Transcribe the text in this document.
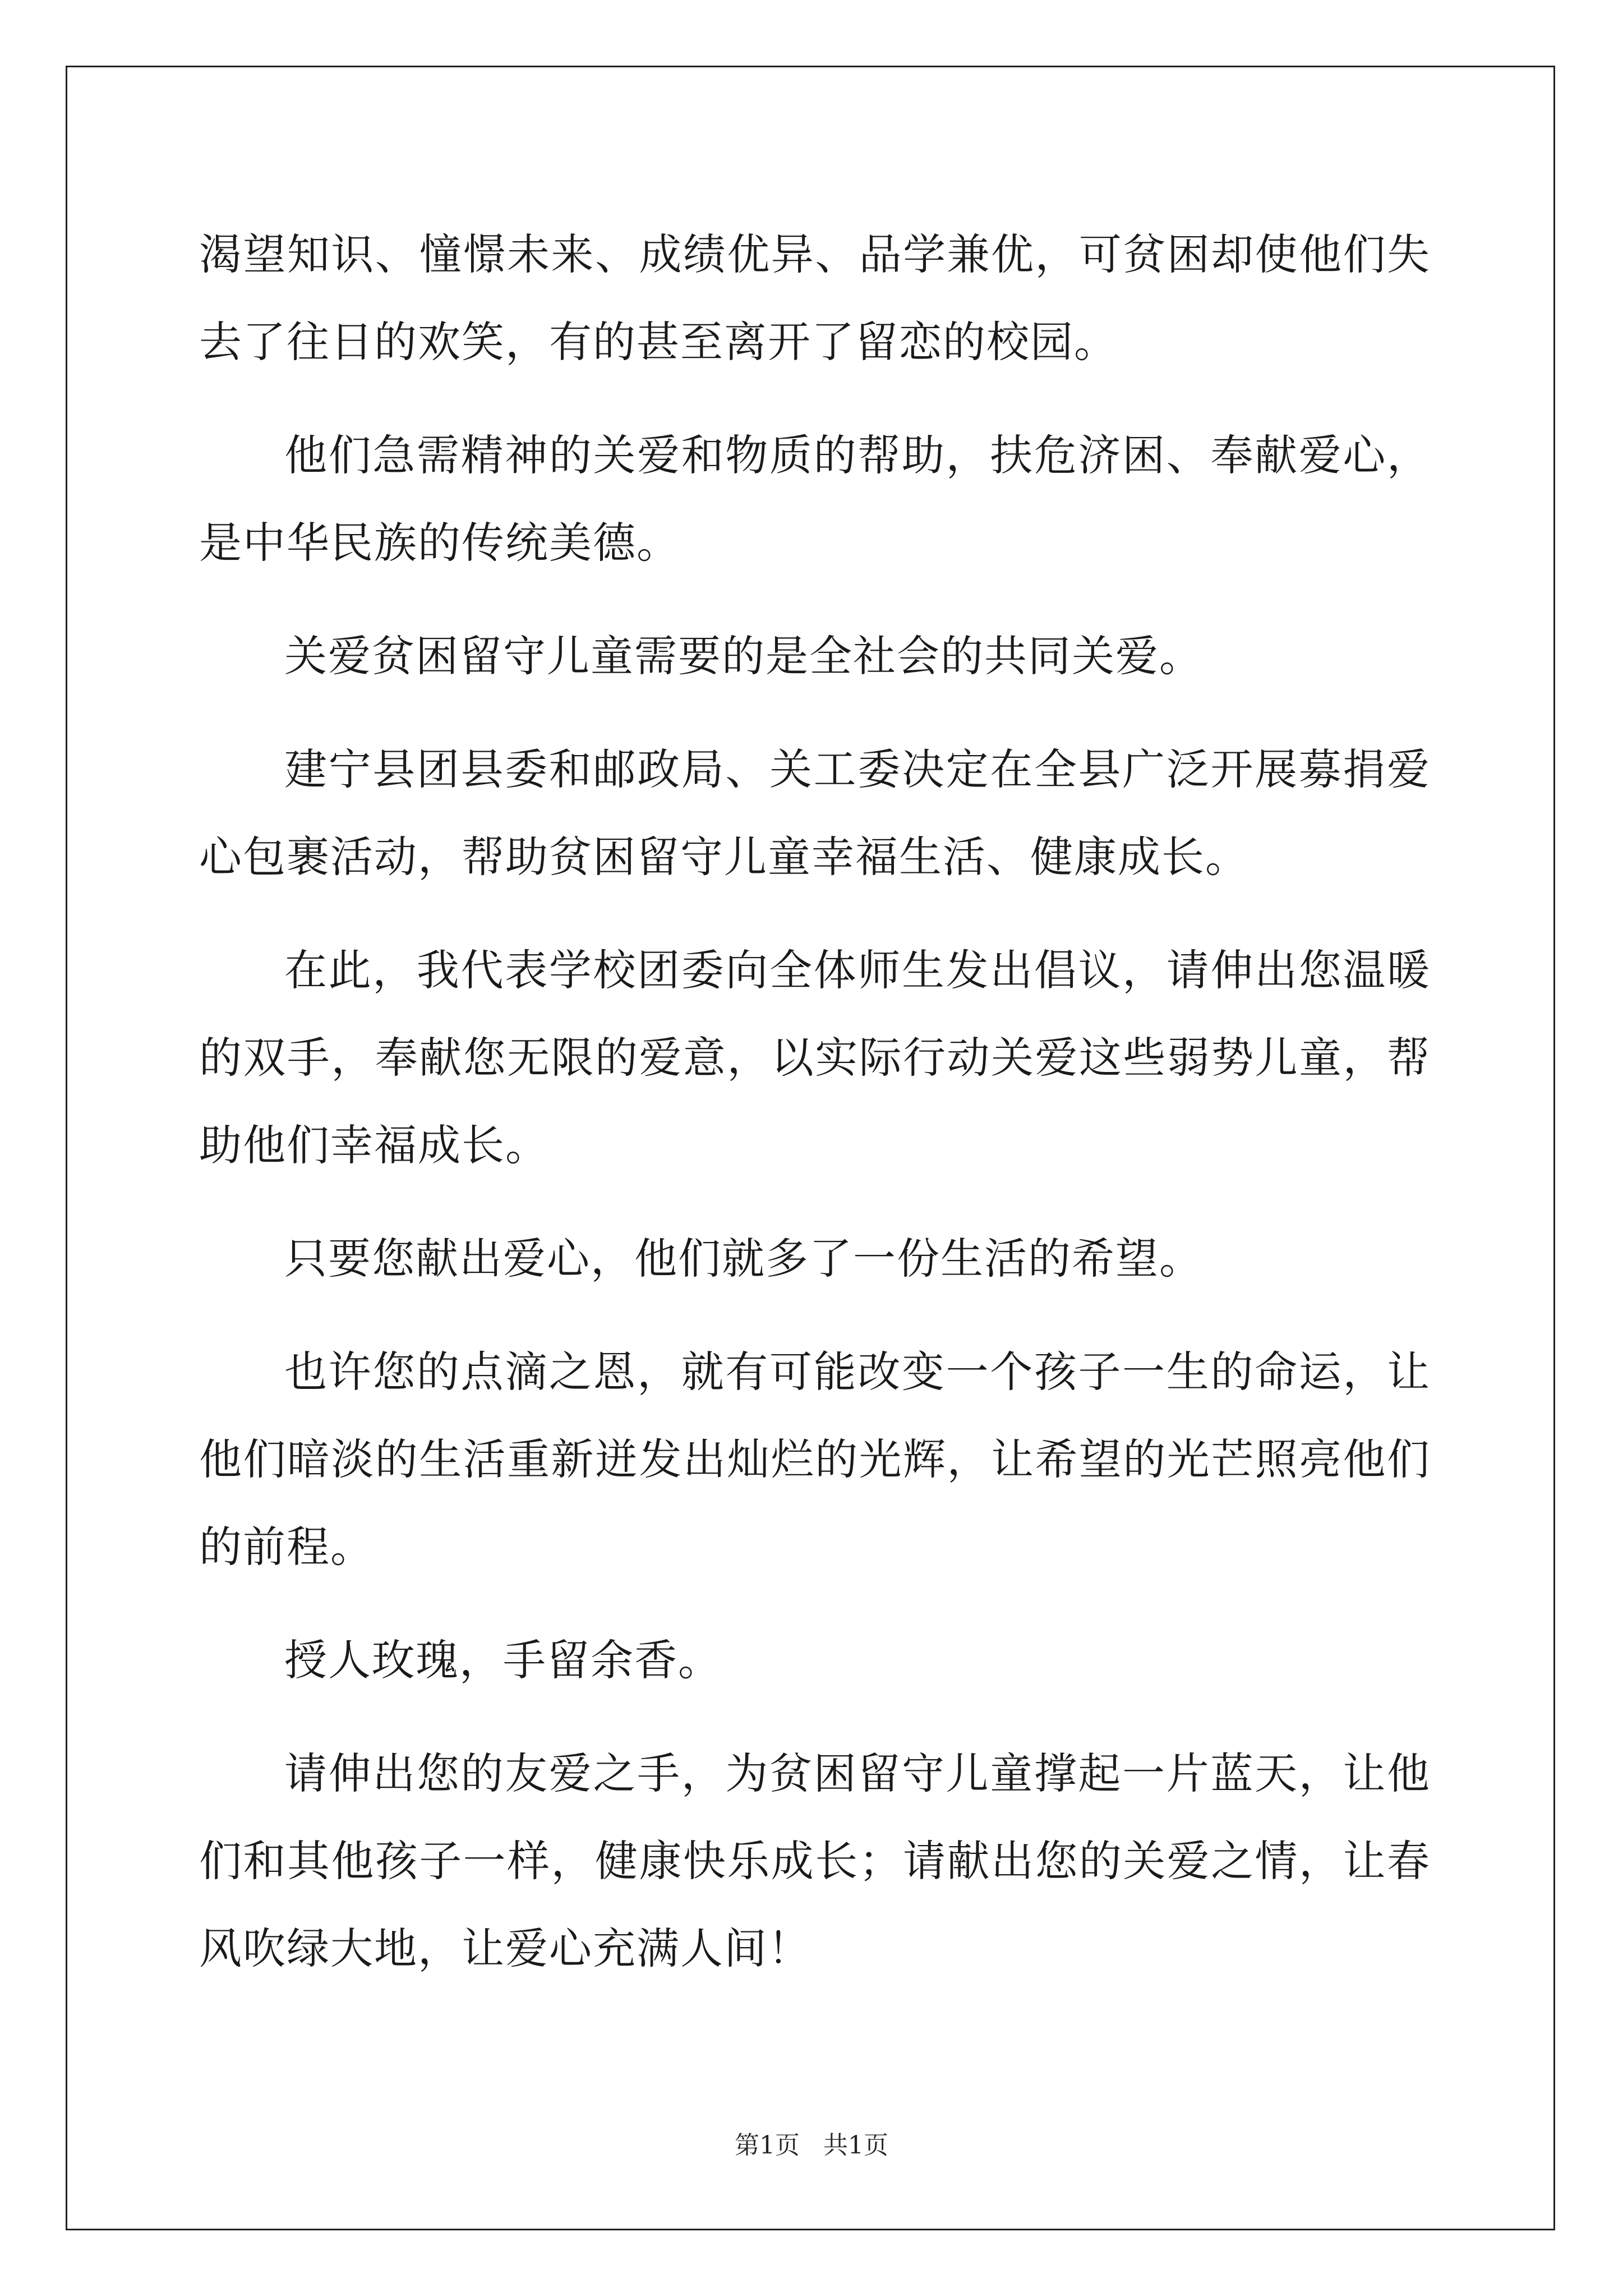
渴望知识、憧憬未来、成绩优异、品学兼优，可贫困却使他们失去了往日的欢笑，有的甚至离开了留恋的校园。

他们急需精神的关爱和物质的帮助，扶危济困、奉献爱心，是中华民族的传统美德。

关爱贫困留守儿童需要的是全社会的共同关爱。

建宁县团县委和邮政局、关工委决定在全县广泛开展募捐爱心包裹活动，帮助贫困留守儿童幸福生活、健康成长。

在此，我代表学校团委向全体师生发出倡议，请伸出您温暖的双手，奉献您无限的爱意，以实际行动关爱这些弱势儿童，帮助他们幸福成长。

只要您献出爱心，他们就多了一份生活的希望。

也许您的点滴之恩，就有可能改变一个孩子一生的命运，让他们暗淡的生活重新迸发出灿烂的光辉，让希望的光芒照亮他们的前程。

授人玫瑰，手留余香。

请伸出您的友爱之手，为贫困留守儿童撑起一片蓝天，让他们和其他孩子一样，健康快乐成长；请献出您的关爱之情，让春风吹绿大地，让爱心充满人间！

第1页   共1页
